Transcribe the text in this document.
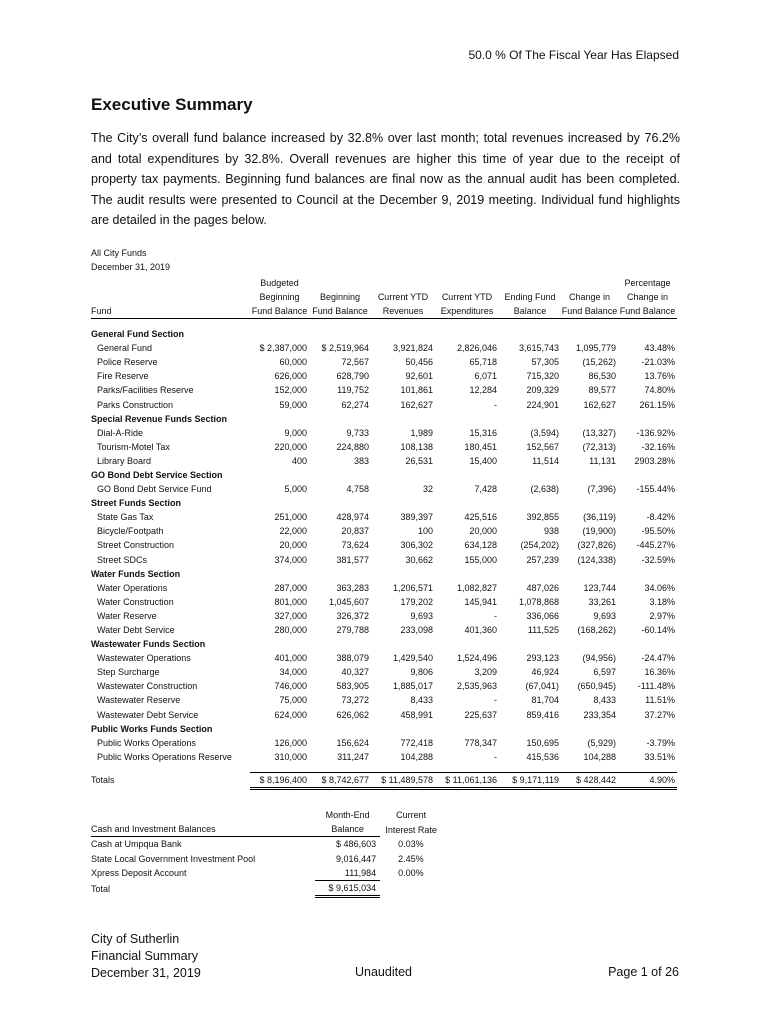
50.0 % Of The Fiscal Year Has Elapsed
Executive Summary
The City’s overall fund balance increased by 32.8% over last month; total revenues increased by 76.2% and total expenditures by 32.8%. Overall revenues are higher this time of year due to the receipt of property tax payments. Beginning fund balances are final now as the annual audit has been completed. The audit results were presented to Council at the December 9, 2019 meeting. Individual fund highlights are detailed in the pages below.
All City Funds
December 31, 2019
	Budgeted						Percentage
	Beginning	Beginning	Current YTD	Current YTD	Ending Fund	Change in	Change in
Fund	Fund Balance	Fund Balance	Revenues	Expenditures	Balance	Fund Balance	Fund Balance

General Fund Section							
General Fund	$ 2,387,000	$ 2,519,964	3,921,824	2,826,046	3,615,743	1,095,779	43.48%
Police Reserve	60,000	72,567	50,456	65,718	57,305	(15,262)	-21.03%
Fire Reserve	626,000	628,790	92,601	6,071	715,320	86,530	13.76%
Parks/Facilities Reserve	152,000	119,752	101,861	12,284	209,329	89,577	74.80%
Parks Construction	59,000	62,274	162,627	-	224,901	162,627	261.15%
Special Revenue Funds Section							
Dial-A-Ride	9,000	9,733	1,989	15,316	(3,594)	(13,327)	-136.92%
Tourism-Motel Tax	220,000	224,880	108,138	180,451	152,567	(72,313)	-32.16%
Library Board	400	383	26,531	15,400	11,514	11,131	2903.28%
GO Bond Debt Service Section							
GO Bond Debt Service Fund	5,000	4,758	32	7,428	(2,638)	(7,396)	-155.44%
Street Funds Section							
State Gas Tax	251,000	428,974	389,397	425,516	392,855	(36,119)	-8.42%
Bicycle/Footpath	22,000	20,837	100	20,000	938	(19,900)	-95.50%
Street Construction	20,000	73,624	306,302	634,128	(254,202)	(327,826)	-445.27%
Street SDCs	374,000	381,577	30,662	155,000	257,239	(124,338)	-32.59%
Water Funds Section							
Water Operations	287,000	363,283	1,206,571	1,082,827	487,026	123,744	34.06%
Water Construction	801,000	1,045,607	179,202	145,941	1,078,868	33,261	3.18%
Water Reserve	327,000	326,372	9,693	-	336,066	9,693	2.97%
Water Debt Service	280,000	279,788	233,098	401,360	111,525	(168,262)	-60.14%
Wastewater Funds Section							
Wastewater Operations	401,000	388,079	1,429,540	1,524,496	293,123	(94,956)	-24.47%
Step Surcharge	34,000	40,327	9,806	3,209	46,924	6,597	16.36%
Wastewater Construction	746,000	583,905	1,885,017	2,535,963	(67,041)	(650,945)	-111.48%
Wastewater Reserve	75,000	73,272	8,433	-	81,704	8,433	11.51%
Wastewater Debt Service	624,000	626,062	458,991	225,637	859,416	233,354	37.27%
Public Works Funds Section							
Public Works Operations	126,000	156,624	772,418	778,347	150,695	(5,929)	-3.79%
Public Works Operations Reserve	310,000	311,247	104,288	-	415,536	104,288	33.51%

Totals	$ 8,196,400	$ 8,742,677	$ 11,489,578	$ 11,061,136	$ 9,171,119	$ 428,442	4.90%
		Month-End	Current
Cash and Investment Balances		Balance	Interest Rate
Cash at Umpqua Bank		$ 486,603	0.03%
State Local Government Investment Pool		9,016,447	2.45%
Xpress Deposit Account		111,984	0.00%
Total		$ 9,615,034	
City of Sutherlin
Financial Summary
December 31, 2019	Unaudited	Page 1 of 26
